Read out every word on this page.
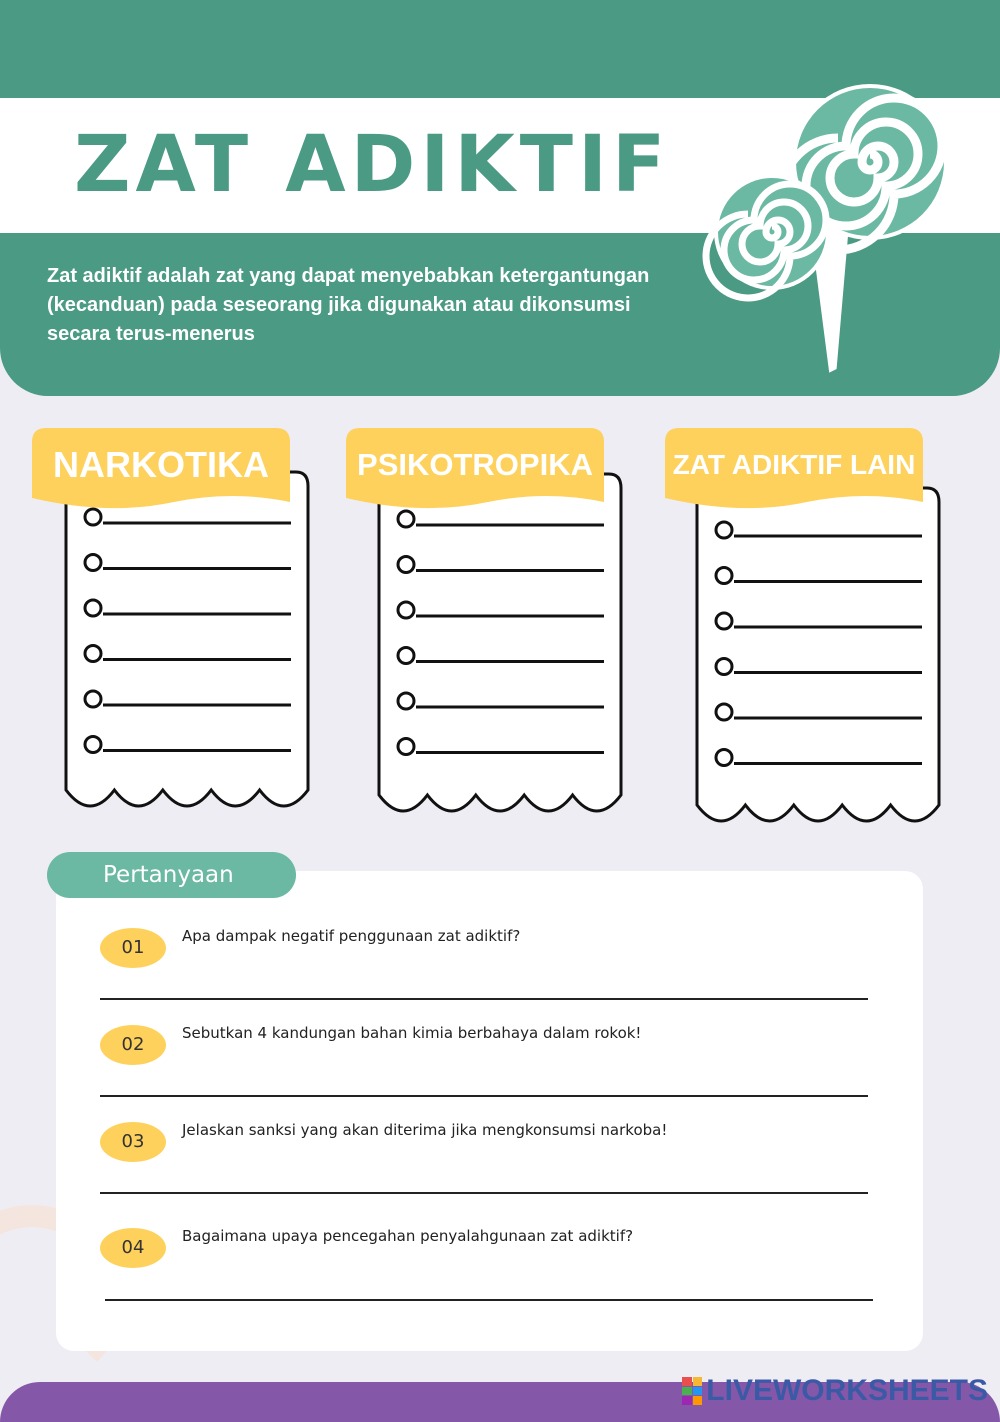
ZAT ADIKTIF

Zat adiktif adalah zat yang dapat menyebabkan ketergantungan
(kecanduan) pada seseorang jika digunakan atau dikonsumsi
secara terus-menerus

NARKOTIKA	PSIKOTROPIKA	ZAT ADIKTIF LAIN
Pertanyaan
01
Apa dampak negatif penggunaan zat adiktif?
02
Sebutkan 4 kandungan bahan kimia berbahaya dalam rokok!
03
Jelaskan sanksi yang akan diterima jika mengkonsumsi narkoba!
04
Bagaimana upaya pencegahan penyalahgunaan zat adiktif?
LIVEWORKSHEETS
